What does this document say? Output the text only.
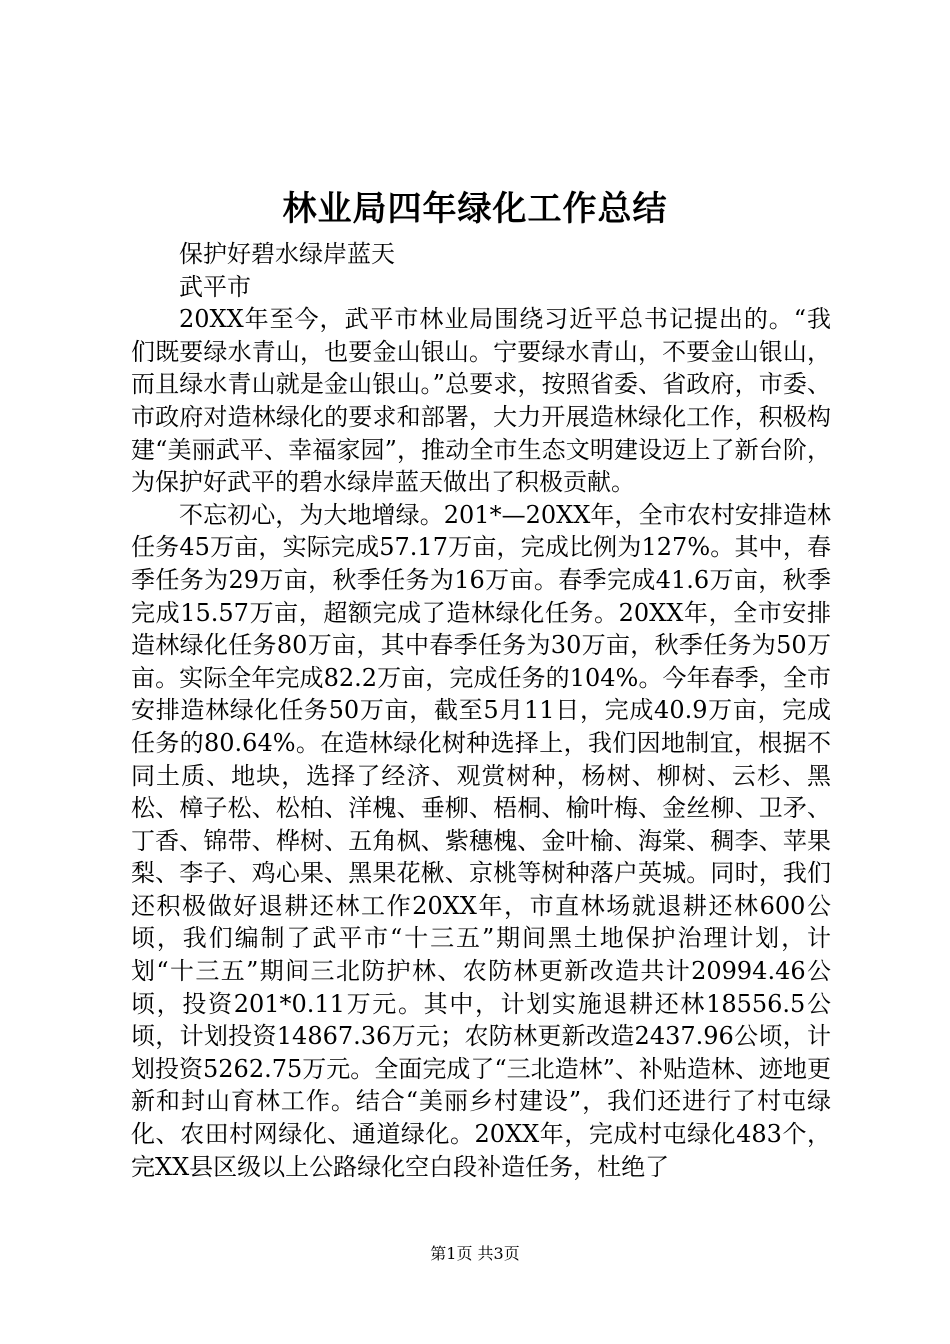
林业局四年绿化工作总结

保护好碧水绿岸蓝天

武平市

20XX年至今，武平市林业局围绕习近平总书记提出的。“我们既要绿水青山，也要金山银山。宁要绿水青山，不要金山银山，而且绿水青山就是金山银山。”总要求，按照省委、省政府，市委、市政府对造林绿化的要求和部署，大力开展造林绿化工作，积极构建“美丽武平、幸福家园”，推动全市生态文明建设迈上了新台阶，为保护好武平的碧水绿岸蓝天做出了积极贡献。

不忘初心，为大地增绿。201*—20XX年，全市农村安排造林任务45万亩，实际完成57.17万亩，完成比例为127%。其中，春季任务为29万亩，秋季任务为16万亩。春季完成41.6万亩，秋季完成15.57万亩，超额完成了造林绿化任务。20XX年，全市安排造林绿化任务80万亩，其中春季任务为30万亩，秋季任务为50万亩。实际全年完成82.2万亩，完成任务的104%。今年春季，全市安排造林绿化任务50万亩，截至5月11日，完成40.9万亩，完成任务的80.64%。在造林绿化树种选择上，我们因地制宜，根据不同土质、地块，选择了经济、观赏树种，杨树、柳树、云杉、黑松、樟子松、松柏、洋槐、垂柳、梧桐、榆叶梅、金丝柳、卫矛、丁香、锦带、桦树、五角枫、紫穗槐、金叶榆、海棠、稠李、苹果梨、李子、鸡心果、黑果花楸、京桃等树种落户英城。同时，我们还积极做好退耕还林工作20XX年，市直林场就退耕还林600公顷，我们编制了武平市“十三五”期间黑土地保护治理计划，计划“十三五”期间三北防护林、农防林更新改造共计20994.46公顷，投资201*0.11万元。其中，计划实施退耕还林18556.5公顷，计划投资14867.36万元；农防林更新改造2437.96公顷，计划投资5262.75万元。全面完成了“三北造林”、补贴造林、迹地更新和封山育林工作。结合“美丽乡村建设”，我们还进行了村屯绿化、农田村网绿化、通道绿化。20XX年，完成村屯绿化483个，完XX县区级以上公路绿化空白段补造任务，杜绝了

第1页 共3页
